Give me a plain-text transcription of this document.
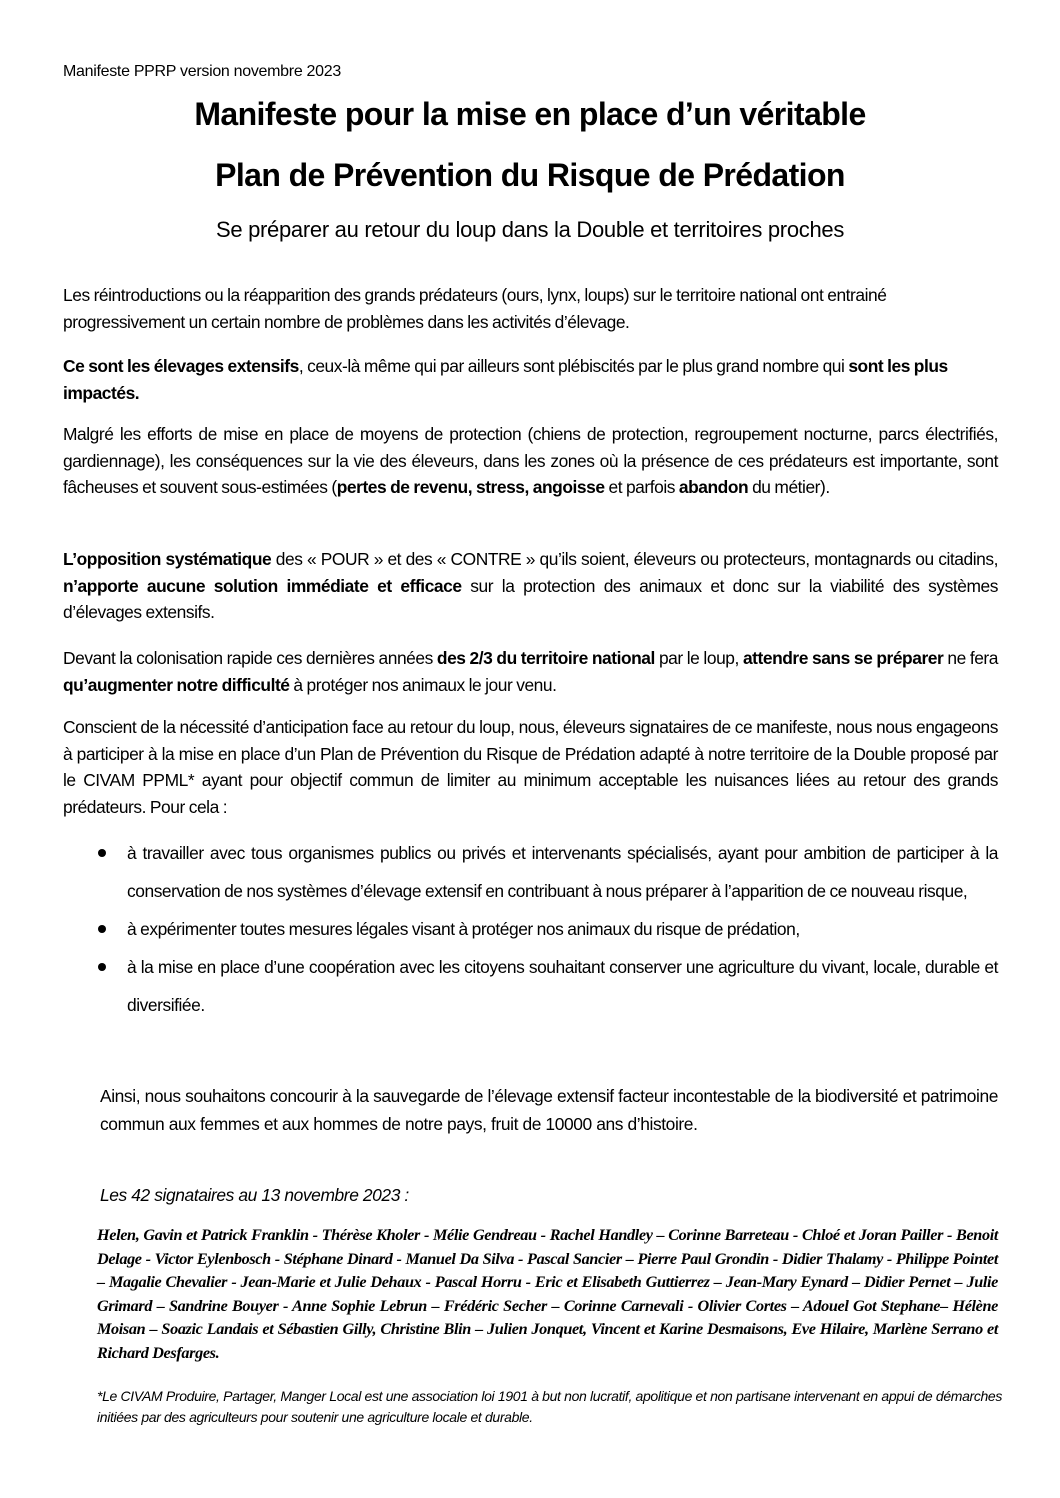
Manifeste PPRP version novembre 2023
Manifeste pour la mise en place d’un véritable
Plan de Prévention du Risque de Prédation
Se préparer au retour du loup dans la Double et territoires proches

Les réintroductions ou la réapparition des grands prédateurs (ours, lynx, loups) sur le territoire national ont entrainé progressivement un certain nombre de problèmes dans les activités d’élevage.

Ce sont les élevages extensifs, ceux-là même qui par ailleurs sont plébiscités par le plus grand nombre qui sont les plus impactés.

Malgré les efforts de mise en place de moyens de protection (chiens de protection, regroupement nocturne, parcs électrifiés, gardiennage), les conséquences sur la vie des éleveurs, dans les zones où la présence de ces prédateurs est importante, sont fâcheuses et souvent sous-estimées (pertes de revenu, stress, angoisse et parfois abandon du métier).

L’opposition systématique des « POUR » et des « CONTRE » qu’ils soient, éleveurs ou protecteurs, montagnards ou citadins, n’apporte aucune solution immédiate et efficace sur la protection des animaux et donc sur la viabilité des systèmes d’élevages extensifs.

Devant la colonisation rapide ces dernières années des 2/3 du territoire national par le loup, attendre sans se préparer ne fera qu’augmenter notre difficulté à protéger nos animaux le jour venu.

Conscient de la nécessité d’anticipation face au retour du loup, nous, éleveurs signataires de ce manifeste, nous nous engageons à participer à la mise en place d’un Plan de Prévention du Risque de Prédation adapté à notre territoire de la Double proposé par le CIVAM PPML* ayant pour objectif commun de limiter au minimum acceptable les nuisances liées au retour des grands prédateurs. Pour cela :

à travailler avec tous organismes publics ou privés et intervenants spécialisés, ayant pour ambition de participer à la conservation de nos systèmes d’élevage extensif en contribuant à nous préparer à l’apparition de ce nouveau risque,
à expérimenter toutes mesures légales visant à protéger nos animaux du risque de prédation,
à la mise en place d’une coopération avec les citoyens souhaitant conserver une agriculture du vivant, locale, durable et diversifiée.

Ainsi, nous souhaitons concourir à la sauvegarde de l’élevage extensif facteur incontestable de la biodiversité et patrimoine commun aux femmes et aux hommes de notre pays, fruit de 10000 ans d’histoire.

Les 42 signataires au 13 novembre 2023 :
Helen, Gavin et Patrick Franklin - Thérèse Kholer - Mélie Gendreau - Rachel Handley – Corinne Barreteau - Chloé et Joran Pailler - Benoit Delage - Victor Eylenbosch - Stéphane Dinard - Manuel Da Silva - Pascal Sancier – Pierre Paul Grondin - Didier Thalamy - Philippe Pointet – Magalie Chevalier - Jean-Marie et Julie Dehaux - Pascal Horru - Eric et Elisabeth Guttierrez – Jean-Mary Eynard – Didier Pernet – Julie Grimard – Sandrine Bouyer - Anne Sophie Lebrun – Frédéric Secher – Corinne Carnevali - Olivier Cortes – Adouel Got Stephane– Hélène Moisan – Soazic Landais et Sébastien Gilly, Christine Blin – Julien Jonquet, Vincent et Karine Desmaisons, Eve Hilaire, Marlène Serrano et Richard Desfarges.
*Le CIVAM Produire, Partager, Manger Local est une association loi 1901 à but non lucratif, apolitique et non partisane intervenant en appui de démarches initiées par des agriculteurs pour soutenir une agriculture locale et durable.
